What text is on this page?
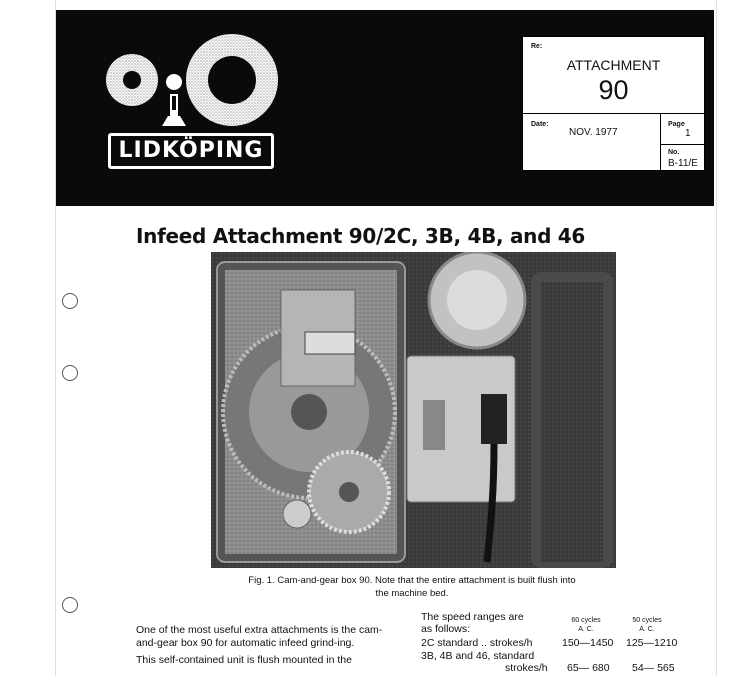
LIDKÖPING
Re:
ATTACHMENT
90
Date:
NOV. 1977
Page
1
No.
B-11/E
Infeed Attachment 90/2C, 3B, 4B, and 46
Fig. 1. Cam-and-gear box 90. Note that the entire attachment is built flush into
the machine bed.
One of the most useful extra attachments is the cam-and-gear box 90 for automatic infeed grind-ing.
This self-contained unit is flush mounted in the
The speed ranges are
as follows:
60 cycles
A. C.
50 cycles
A. C.
2C standard .. strokes/h	150—1450 125—1210
3B, 4B and 46, standard
strokes/h 65— 680 54— 565
